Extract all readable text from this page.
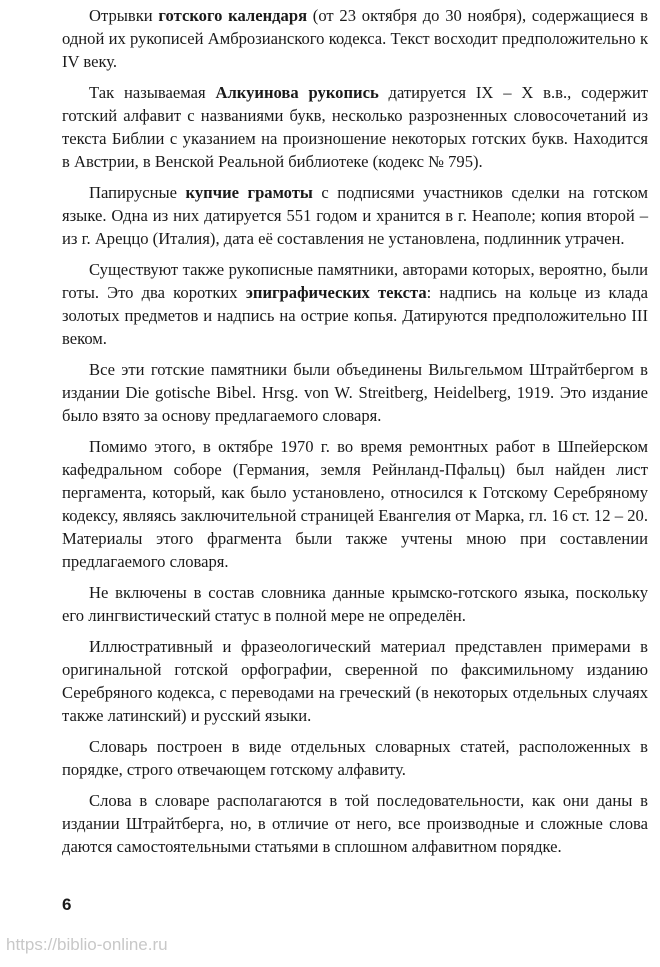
Отрывки готского календаря (от 23 октября до 30 ноября), содержащиеся в одной их рукописей Амброзианского кодекса. Текст восходит предположительно к IV веку.

Так называемая Алкуинова рукопись датируется IX – X в.в., содержит готский алфавит с названиями букв, несколько разрозненных словосочетаний из текста Библии с указанием на произношение некоторых готских букв. Находится в Австрии, в Венской Реальной библиотеке (кодекс № 795).

Папирусные купчие грамоты с подписями участников сделки на готском языке. Одна из них датируется 551 годом и хранится в г. Неаполе; копия второй – из г. Ареццо (Италия), дата её составления не установлена, подлинник утрачен.

Существуют также рукописные памятники, авторами которых, вероятно, были готы. Это два коротких эпиграфических текста: надпись на кольце из клада золотых предметов и надпись на острие копья. Датируются предположительно III веком.

Все эти готские памятники были объединены Вильгельмом Штрайтбергом в издании Die gotische Bibel. Hrsg. von W. Streitberg, Heidelberg, 1919. Это издание было взято за основу предлагаемого словаря.

Помимо этого, в октябре 1970 г. во время ремонтных работ в Шпейерском кафедральном соборе (Германия, земля Рейнланд-Пфальц) был найден лист пергамента, который, как было установлено, относился к Готскому Серебряному кодексу, являясь заключительной страницей Евангелия от Марка, гл. 16 ст. 12 – 20. Материалы этого фрагмента были также учтены мною при составлении предлагаемого словаря.

Не включены в состав словника данные крымско-готского языка, поскольку его лингвистический статус в полной мере не определён.

Иллюстративный и фразеологический материал представлен примерами в оригинальной готской орфографии, сверенной по факсимильному изданию Серебряного кодекса, с переводами на греческий (в некоторых отдельных случаях также латинский) и русский языки.

Словарь построен в виде отдельных словарных статей, расположенных в порядке, строго отвечающем готскому алфавиту.

Слова в словаре располагаются в той последовательности, как они даны в издании Штрайтберга, но, в отличие от него, все производные и сложные слова даются самостоятельными статьями в сплошном алфавитном порядке.

6
https://biblio-online.ru
